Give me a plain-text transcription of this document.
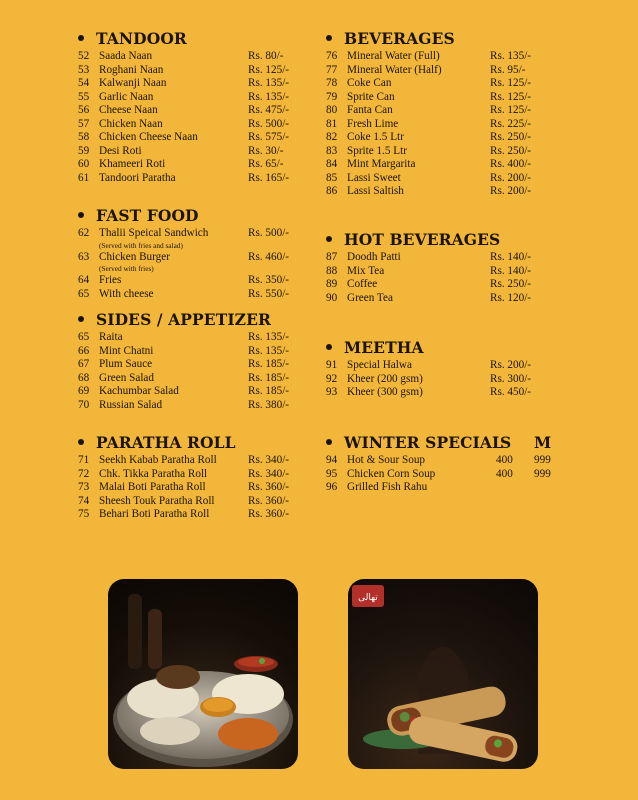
TANDOOR
52 Saada Naan	Rs. 80/-
53 Roghani Naan	Rs. 125/-
54 Kalwanji Naan	Rs. 135/-
55 Garlic Naan	Rs. 135/-
56 Cheese Naan	Rs. 475/-
57 Chicken Naan	Rs. 500/-
58 Chicken Cheese Naan	Rs. 575/-
59 Desi Roti	Rs. 30/-
60 Khameeri Roti	Rs. 65/-
61 Tandoori Paratha	Rs. 165/-
FAST FOOD
62 Thalii Speical Sandwich	Rs. 500/-
(Served with fries and salad)
63 Chicken Burger	Rs. 460/-
(Served with fries)
64 Fries	Rs. 350/-
65 With cheese	Rs. 550/-
SIDES / APPETIZER
65 Raita	Rs. 135/-
66 Mint Chatni	Rs. 135/-
67 Plum Sauce	Rs. 185/-
68 Green Salad	Rs. 185/-
69 Kachumbar Salad	Rs. 185/-
70 Russian Salad	Rs. 380/-
PARATHA ROLL
71 Seekh Kabab Paratha Roll	Rs. 340/-
72 Chk. Tikka Paratha Roll	Rs. 340/-
73 Malai Boti Paratha Roll	Rs. 360/-
74 Sheesh Touk Paratha Roll	Rs. 360/-
75 Behari Boti Paratha Roll	Rs. 360/-
BEVERAGES
76 Mineral Water (Full)	Rs. 135/-
77 Mineral Water (Half)	Rs. 95/-
78 Coke Can	Rs. 125/-
79 Sprite Can	Rs. 125/-
80 Fanta Can	Rs. 125/-
81 Fresh Lime	Rs. 225/-
82 Coke 1.5 Ltr	Rs. 250/-
83 Sprite 1.5 Ltr	Rs. 250/-
84 Mint Margarita	Rs. 400/-
85 Lassi Sweet	Rs. 200/-
86 Lassi Saltish	Rs. 200/-
HOT BEVERAGES
87 Doodh Patti	Rs. 140/-
88 Mix Tea	Rs. 140/-
89 Coffee	Rs. 250/-
90 Green Tea	Rs. 120/-
MEETHA
91 Special Halwa	Rs. 200/-
92 Kheer (200 gsm)	Rs. 300/-
93 Kheer (300 gsm)	Rs. 450/-
WINTER SPECIAL
S M
94 Hot & Sour Soup	400 999
95 Chicken Corn Soup	400 999
96 Grilled Fish Rahu
تھالی
